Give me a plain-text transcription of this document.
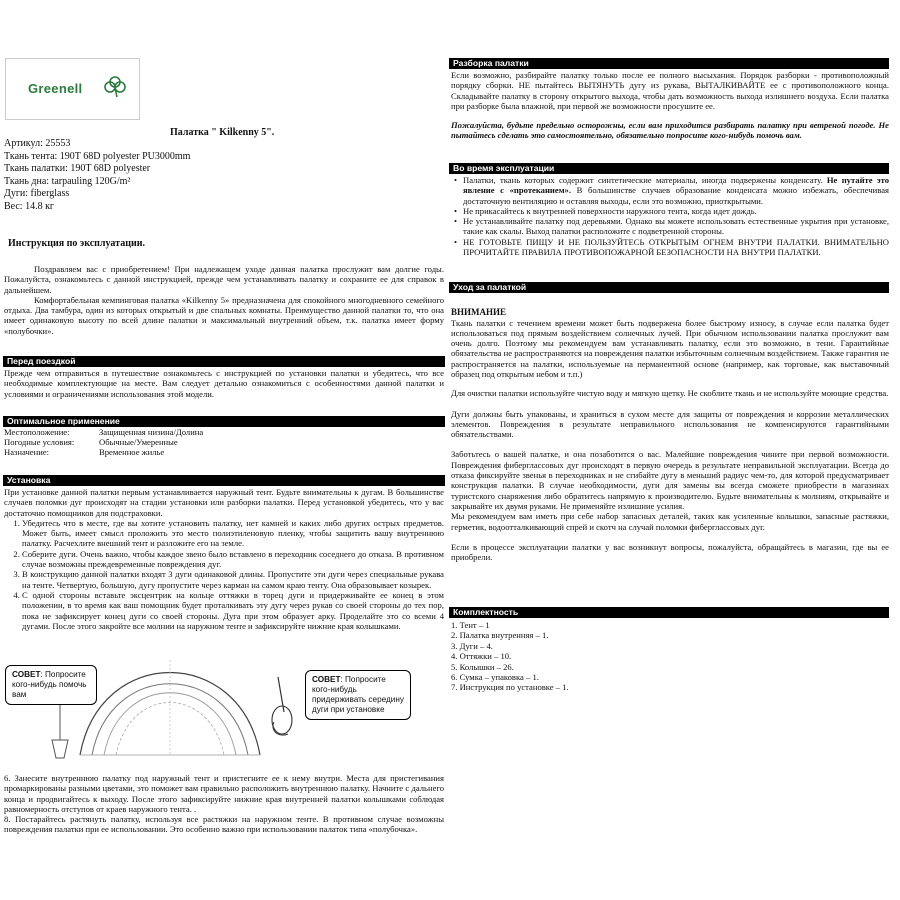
Greenell
Палатка " Kilkenny 5".
Артикул: 25553
Ткань тента: 190T 68D polyester PU3000mm
Ткань палатки: 190T 68D polyester
Ткань дна: tarpauling 120G/m²
Дуги: fiberglass
Вес: 14.8 кг
Инструкция по эксплуатации.

Поздравляем вас с приобретением! При надлежащем уходе данная палатка прослужит вам долгие годы. Пожалуйста, ознакомьтесь с данной инструкцией, прежде чем устанавливать палатку и сохраните ее для справок в дальнейшем.

Комфортабельная кемпинговая палатка «Kilkenny 5» предназначена для спокойного многодневного семейного отдыха. Два тамбура, один из которых открытый и две спальных комнаты. Преимущество данной палатки то, что она имеет одинаковую высоту по всей длине палатки и максимальный внутренний объем, т.к. палатка имеет форму «полубочки».

Перед поездкой

Прежде чем отправиться в путешествие ознакомьтесь с инструкцией по установки палатки и убедитесь, что все необходимые комплектующие на месте. Вам следует детально ознакомиться с особенностями данной палатки и условиями и ограничениями использования этой модели.

Оптимальное применение
Местоположение:	Защищенная низина/Долина
Погодные условия:	Обычные/Умеренные
Назначение:	Временное жилье
Установка

При установке данной палатки первым устанавливается наружный тент. Будьте внимательны к дугам. В большинстве случаев поломки дуг происходят на стадии установки или разборки палатки. Перед установкой убедитесь, что у вас достаточно помощников для подстраховки.

1. Убедитесь что в месте, где вы хотите установить палатку, нет камней и каких либо других острых предметов. Может быть, имеет смысл проложить это место полиэтиленовую пленку, чтобы защитить вашу внутреннюю палатку. Расчехлите внешний тент и разложите его на земле.
2. Соберите дуги. Очень важно, чтобы каждое звено было вставлено в переходник соседнего до отказа. В противном случае возможны преждевременные повреждения дуг.
3. В конструкцию данной палатки входят 3 дуги одинаковой длины. Пропустите эти дуги через специальные рукава на тенте. Четвертую, большую, дугу пропустите через карман на самом краю тенту. Она образовывает козырек.
4. С одной стороны вставьте эксцентрик на кольце оттяжки в торец дуги и придерживайте ее конец в этом положении, в то время как ваш помощник будет проталкивать эту дугу через рукав со своей стороны до тех пор, пока не зафиксирует конец дуги со своей стороны. Дуга при этом образует арку. Проделайте это со всеми 4 дугами. После этого закройте все молнии на наружном тенте и зафиксируйте нижние края колышками.
СОВЕТ: Попросите кого-нибудь помочь вам
СОВЕТ: Попросите кого-нибудь придерживать середину дуги при установке

6. Занесите внутреннюю палатку под наружный тент и пристегните ее к нему внутри. Места для пристегивания промаркированы разными цветами, это поможет вам правильно расположить внутреннюю палатку. Начните с дальнего конца и продвигайтесь к выходу. После этого зафиксируйте нижние края внутренней палатки колышками соблюдая равномерность отступов от краев наружного тента. .

8. Постарайтесь растянуть палатку, используя все растяжки на наружном тенте. В противном случае возможны повреждения палатки при ее использовании. Это особенно важно при использовании палаток типа «полубочка».

Разборка палатки

Если возможно, разбирайте палатку только после ее полного высыхания. Порядок разборки - противоположный порядку сборки. НЕ пытайтесь ВЫТЯНУТЬ дугу из рукава, ВЫТАЛКИВАЙТЕ ее с противоположного конца. Складывайте палатку в сторону открытого выхода, чтобы дать возможность выхода излишнего воздуха. Если палатка при разборке была влажной, при первой же возможности просушите ее.

Пожалуйста, будьте предельно осторожны, если вам приходится разбирать палатку при ветреной погоде. Не пытайтесь сделать это самостоятельно, обязательно попросите кого-нибудь помочь вам.

Во время эксплуатации
• Палатки, ткань которых содержит синтетические материалы, иногда подвержены конденсату. Не путайте это явление с «протеканием». В большинстве случаев образование конденсата можно избежать, обеспечивая достаточную вентиляцию и оставляя выходы, если это возможно, приоткрытыми.
• Не прикасайтесь к внутренней поверхности наружного тента, когда идет дождь.
• Не устанавливайте палатку под деревьями. Однако вы можете использовать естественные укрытия при установке, такие как скалы. Выход палатки расположите с подветренной стороны.
• НЕ ГОТОВЬТЕ ПИЩУ И НЕ ПОЛЬЗУЙТЕСЬ ОТКРЫТЫМ ОГНЕМ ВНУТРИ ПАЛАТКИ. ВНИМАТЕЛЬНО ПРОЧИТАЙТЕ ПРАВИЛА ПРОТИВОПОЖАРНОЙ БЕЗОПАСНОСТИ НА ВНУТРИ ПАЛАТКИ.
Уход за палаткой
ВНИМАНИЕ

Ткань палатки с течением времени может быть подвержена более быстрому износу, в случае если палатка будет использоваться под прямым воздействием солнечных лучей. При обычном использовании палатка прослужит вам очень долго. Поэтому мы рекомендуем вам устанавливать палатку, если это возможно, в тени. Гарантийные обязательства не распространяются на повреждения палатки избыточным солнечным воздействием. Также гарантия не распространяется на палатки, используемые на перманентной основе (например, как торговые, как выставочный образец под открытым небом и т.п.)

Для очистки палатки используйте чистую воду и мягкую щетку. Не скоблите ткань и не используйте моющие средства.

Дуги должны быть упакованы, и храниться в сухом месте для защиты от повреждения и коррозии металлических элементов. Повреждения в результате неправильного использования не компенсируются гарантийными обязательствами.

Заботьтесь о вашей палатке, и она позаботится о вас. Малейшие повреждения чините при первой возможности. Повреждения фиберглассовых дуг происходят в первую очередь в результате неправильной эксплуатации. Всегда до отказа фиксируйте звенья в переходниках и не сгибайте дугу в меньший радиус чем-то, для которой предусматривает конструкция палатки. В случае необходимости, дуги для замены вы всегда сможете приобрести в магазинах туристского снаряжения либо обратитесь напрямую к производителю. Будьте внимательны к молниям, открывайте и закрывайте их двумя руками. Не применяйте излишние усилия.

Мы рекомендуем вам иметь при себе набор запасных деталей, таких как усиленные колышки, запасные растяжки, герметик, водоотталкивающий спрей и скотч на случай поломки фиберглассовых дуг.

Если в процессе эксплуатации палатки у вас возникнут вопросы, пожалуйста, обращайтесь в магазин, где вы ее приобрели.

Комплектность
1. Тент – 1
2. Палатка внутренняя – 1.
3. Дуги – 4.
4. Оттяжки – 10.
5. Колышки – 26.
6. Сумка – упаковка – 1.
7. Инструкция по установке – 1.
